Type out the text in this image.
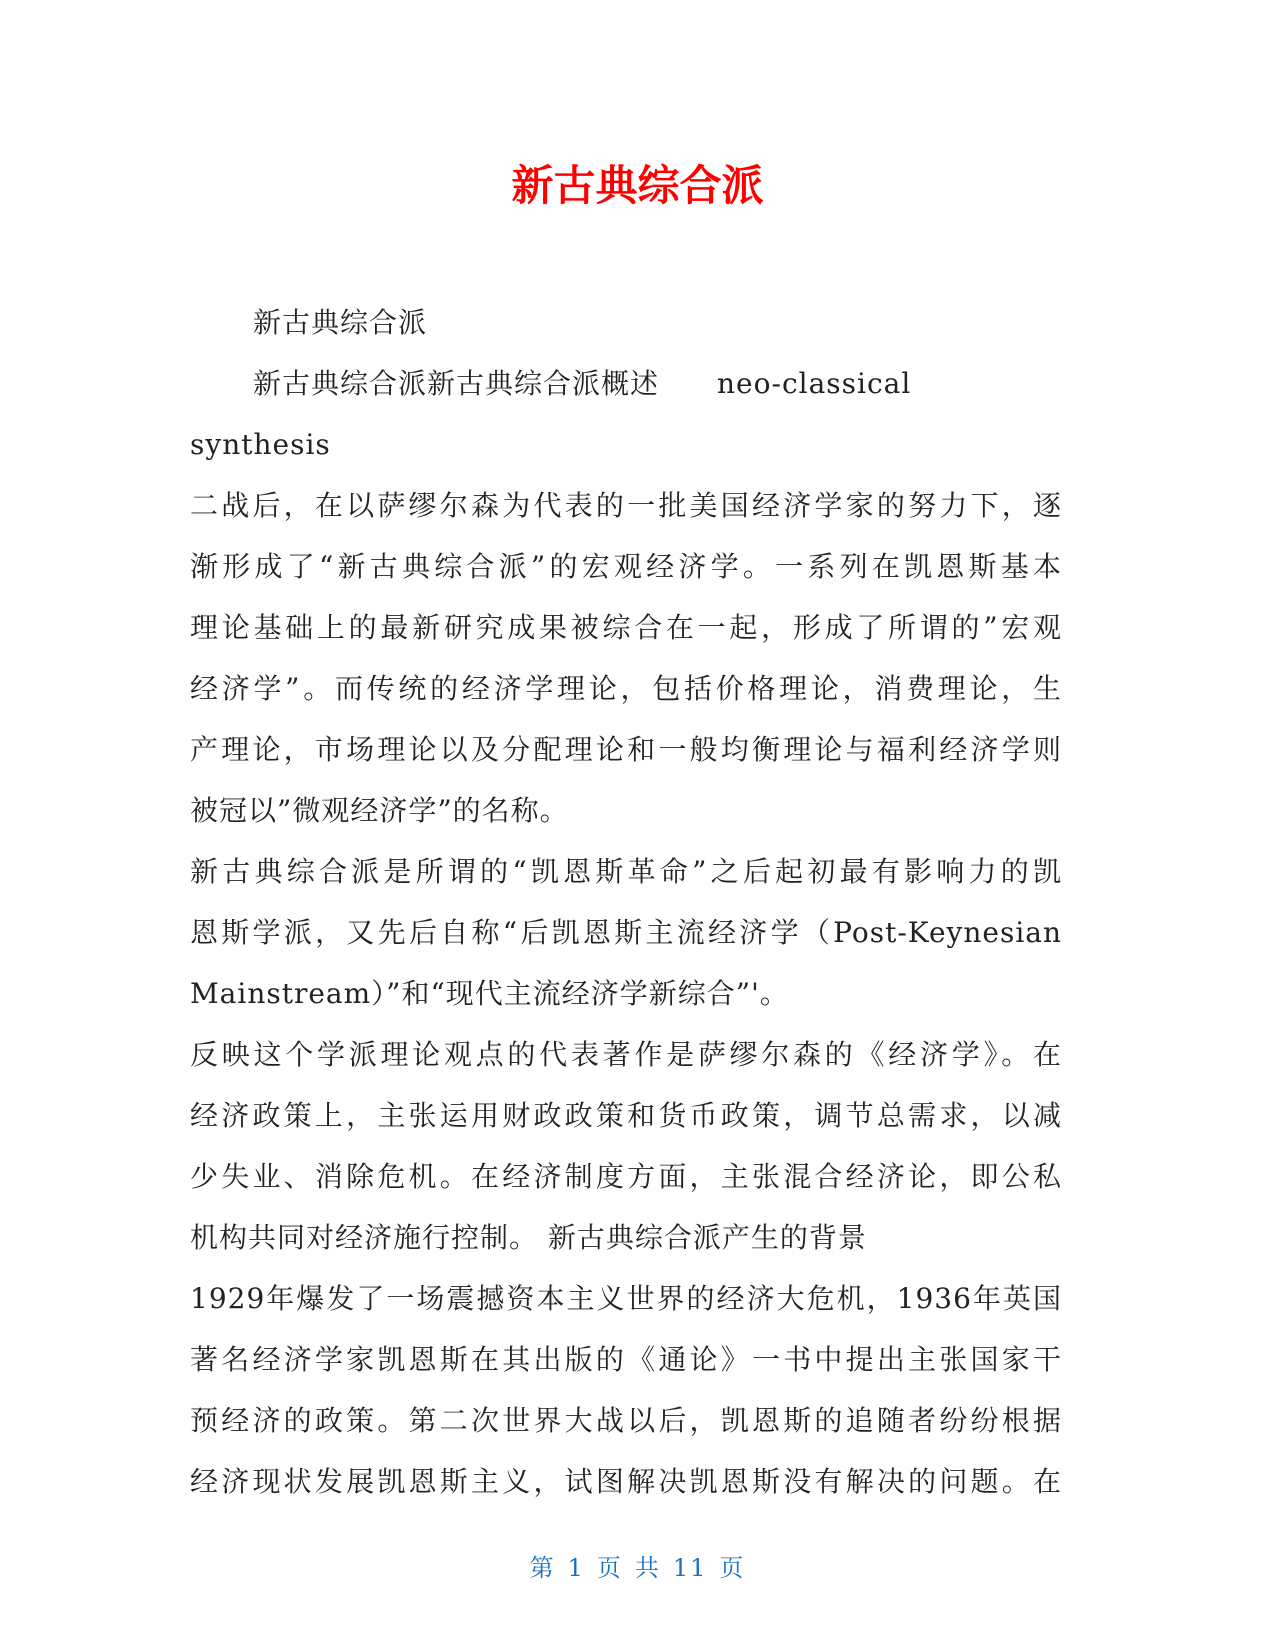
新古典综合派
新古典综合派
新古典综合派新古典综合派概述 neo-classical
synthesis
二战后，在以萨缪尔森为代表的一批美国经济学家的努力下，逐
渐形成了“新古典综合派”的宏观经济学。一系列在凯恩斯基本
理论基础上的最新研究成果被综合在一起，形成了所谓的”宏观
经济学”。而传统的经济学理论，包括价格理论，消费理论，生
产理论，市场理论以及分配理论和一般均衡理论与福利经济学则
被冠以”微观经济学”的名称。
新古典综合派是所谓的“凯恩斯革命”之后起初最有影响力的凯
恩斯学派，又先后自称“后凯恩斯主流经济学（Post-Keynesian
Mainstream）”和“现代主流经济学新综合”'。
反映这个学派理论观点的代表著作是萨缪尔森的《经济学》。在
经济政策上，主张运用财政政策和货币政策，调节总需求，以减
少失业、消除危机。在经济制度方面，主张混合经济论，即公私
机构共同对经济施行控制。 新古典综合派产生的背景
1929年爆发了一场震撼资本主义世界的经济大危机，1936年英国
著名经济学家凯恩斯在其出版的《通论》一书中提出主张国家干
预经济的政策。第二次世界大战以后，凯恩斯的追随者纷纷根据
经济现状发展凯恩斯主义，试图解决凯恩斯没有解决的问题。在
第 1 页 共 11 页
